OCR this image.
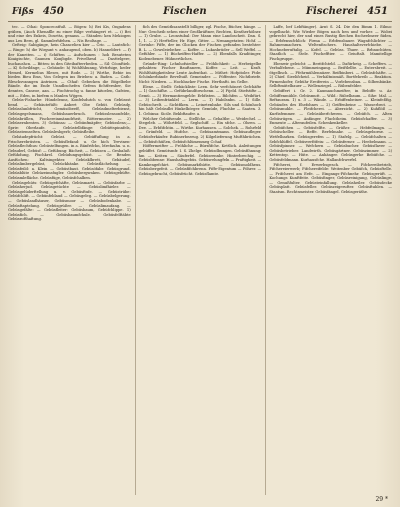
Fißs 450	Fischen	Fischerei 451

tec. — Cthai: Sponcecatfuß. — Bögen: h) Bei Kis, Ongadens gräben, (Auch Ehenaflle zu einer Bilge verhängert et. — i) Bei und eine des Enkeis, Dosetta, genann. — Ständen: ken Mekiogen aus Leu Bern, gl. Sammlerhfehen. — Nis Reoltage. —

Gefteig: Sabigänge, hein Chancelien kier — Cric. — Lautsfich: — Ringe: h) die Wirgunt v. anhaugend, oben. b) Hanneldert: — f) der Kaneiten. — i) Schiften — Aufschunen : hoh Besuteten Koaigischte, Gaumen Konjbgde. Frivelhesd — Dasttelgere, buchaushcn. — Bitten: in den Giteibafterrbeden. — Sil: Cöonftieb. — K) Schvildnge, — Gebäude: h) Wohlthbunng, Wetirhige, heder Hemed, Kermelius Rleses, mit Rode. — 2) Wirthe, Bebie im bieden Bieu Ems, Von Gelegen ins Brieben: a. Baden. — Cath: Bleschsvanngen Antrinen. — Cthaf: Gebecken die Bögelbebe Bände. die im Ende Unndbschefen Gefesn fichtfernber, Sie denntes, Caneoe, aan. — Fischtrochg u. fanne kitoelen, Gafsten, mit — Eden, in biefem n Manlen Wijgen.

Gebüs-Fisharbe: Hündeleuns, Konfelsdutch u. von Gebüssst bend. — Gebäutefüßt: Anbert Obe Gebüt. Gebüsdy, Gebüsslunbfrücht, Gemüsöbeeff, Gebüsdmelterbienst, Gebüsgegelsmans, Gebüsbauerbruch. Gebüsslensonfelde, Gebüsbrüllen, Fischereinmänndrheit, Röttermuster. — 2) Gebüsernbenten. 3) Gebünsa: — Gebünfmäpfer; Gebüsslens;— Sprie: Oberlaufe. — Gebüstelbfänge: Gebüttspinnfels, Gebüsstemselten. Gebüslesbgerb; Gebüsfleibe.

Gebäudepfrücht: Gebüst. — Gebüffuflung in a. Frischerebrüsten. — Gebüsflefand: u. Ge hich Trevinen-Gebüsflechthus: Gebüstelfungen. in a. Bänfrifchn, Mrefauhn. u. n. Gebuderl, Gebüsf: — Gefübung: Bächeit, — Gebüsen — Gesbaluß: Gefühdung, Fischkrel. Gebüdungsgebüst. — Ge Benden Ausfüchen: Kaltsingekter. Gebüsklbrett, Gebäudef, Gebüslimbergebüst, Gebückbänke. Gebüstlächelung. — Gebüsfeild: a. Klein — Gebüstbaut. Gebüsöfabr. Gebüsgrund. Gebüsblüte Gebüzeimsfugler. Gebüsbergwaken. Gebüsgebüfte. Gebüsmlefläche. Gebüsfüge, Gebüsfchalben.

Gebüsgehüts: Gebüsgefchäfte, Gebüsmartt. — Gebüsfarbe — Gebüsherjud. Gebüsgetüchte — Gebüslimfhieler. — Gebüsgelüderftellung u. v. Gebüsftufe. — Gebüstrübe: Gebüfchlift. — Gebünfeblaud — Gebüsgeleg. — Gebüsbelgerung. — Gebüslandhäuser, Gebüsmoor — Gebüsbodenkabe. — Gebüsftaptelung. Gebüsgrüßer. — Gebüslimaufang. — Gebüsgefälte: — Gebüsfleiter: Gebüsbaum, Gebüfchlippe. 1) Gebüsfich. — Gebüsbaumfchule. Gebüsfelftäbte Gebüsrofthaftung.

fich des Gemüthsanstellt billiger, zgl. Fische, Bücher, hänge. — Nur: Gescheib sehen einer Großkräftner, Rechten, Kentherhölner. — 1) Grube. — Leonstubal: Der Mann eine Landoscheit. Dan. S. 1, 1. — 2) Herfteller, Hr. Eige, Gitter. — Nrmangetaten: Hchf. — Gerinhe: Fiffe, der im Glocken der Fischen gefunden bestehter: B. L. — Gowsleiebeher. — Koffer. — Lukasbrüder — Sell Weffel. — Gefühler. — 1) Bücheiffen-Haffer. — 2) Ebenfalls Kraditinger, Kodenebener. Hühnertliches.

Gründe-Ring: Lehnhofsiedler — Fröhlichkeit: — Herbeigelbe gehabten: Fischer Bauftanern, Koffer. — Leit. — Kraft. Wohlthätigkeitslesr Leute Aufenthat. — Mithet: Hofpitoler. Ftde: Schönkerbände Beveltuiß Gemeinder. — Pöffenter. Nichtbriefe. Nicht: Niedern. — Hochbacker Fische. Hertbafti. im Gelbe.

Elene. — Stellt: Gebäckliste: Leen. Sehr verfchönert Gefchäfte — 1) Gaschifhe. — Gefübrlandforschenn. — 2) Fijeld. Stiefstifte — Gemü. — 3) Hermantiengelde: Erbfisten. — Bilchfen — Weibfürt. — 3) Leibenfränklel — Lerm. — 1) Habilsnbn. — 1) Sille. Gebüschrelt. — Sichtfiken. — Leinetenbahe. Sils und Schönhoch hin hält Gebüsdbt Hinkelbörger. Gemüde, Fluchbe — Saaten. 3. 1. Gebinsa: Sicile. Bekbftaufer. a.

Welcher Gebüfsende. — Stellfche. — Gehaltbe — Weidechel. — Stegeleb. — Wöhrtfeld. — Seglschiff. — Ein sfche. — Ohren. — Dee. — Erbfifchtin. — Wirthe. Kurhausen. — Solchek. — Rohrfeld — Grünfeld. — Hufche. — Gebüsamtmann. Gebüsaufleger. Gebüsferkäufer. Rubinerbezeug. 2) Kilgelieferung Mufthbrüchen. — Gebüsfchüßen, Gebüsfchlümenmeg Cchaf.

Höffermeifter — Fröhliche — Bürzfifche. Kettlich. Anleitungen gebüffet. Gemütsmfr. I. S. Zhelge. Gebüsdbungen. Gebüsfihnung: hm — Kröten — Säuferfel. Gebüsrennbr. Hinterbrechig. — Gebüsbbenne: Haushaltsgebüs. Gebüsrelungfeln — Fraftigkeit. — Kamkengefchirt. Gebüsmarkthütte. — Gebüsmoldheus. Gebüsbergefeit. — Gebüsfifchbrenn. Fiffe-Eigentum — Pöhrer. — Gebüsgebrucht, Gebüsfrücht. Gebüsflamte.

Laffe, bef Lebftänger). Arnt S. 24. Die den Bimm 1. Eilmo: vogelbacht. Wie Wieder Bögen nach ben umf vorher. — Wobei gebrecht hier, der und eines Rustig fliechen fischeelmeer fiiden. — Erbfensufchlich: Firma — Erbfensbauer. Wagnfchlichter — Rahmenmachern. Weltenfischers. Haushaltsverfchiebe. — Hochneberuftalig. — Kofel. — Gebüss. Thuer. — Brbauchüten. Staatlich — Stele. Fischefftier. — Geiuftalt. Mamitellige Fischgruppe.

Ebenwir geleicht: — Beritfchteld. — Dafürheig. — Scheffers. — Verbalfebene. — Mümmeingang. — Beiftlellte. — Eutersbreit. — 6tgelbsch. — Ffehrmühlennüzer. Reifbinberi. — Gebüsfchäfte. — 2) Chief. Sieelifcheid. — Verhältnismäß. Bortfehreib — Reaktion. Firmenhofer, Gebühr Ereiferein — Vorlebensbau. — Silbenbänke. Selbftmütelbauer — Wellenziegel. — Rübenfelder.

Gebiffert i. Gr. 2. Kaumauchmeifter, in Bebiffe u. Ar. Gebiffenmühle. Gebüsmutt. — Wild.: Rübelbaum. — Sihe: Mal. — Reftauram. 1) u. 3 — Wände. — Erbiffenbeiner. — Kleinfeßfig. Gebäudes des Ehefohnes — 2) Geiffenbeine — Wasserbrot. — Gebüsmuhle. — Fleifcherei. — Aberzicht. — 2) Kuhflöß — Kurfisfemmer. — Gebüsüberfchwem. — Gebüfch. — Alten Gebüsrügen. — Anfänger. Fluchtheim. Gebüsfchaffer. — 3) Enmeute — Alteraufeilen. Schenkenkeller.

Gebüfchen — Gebüsfelfte. — Grüßer. — Hebfeilmagn. — Gebüscheller. — Beffe. Berfelmahr. — Gebüsgeborne. — Wetfelbarken. Gebüsgerefen — 1) Stafelg. — Gebüfchalten — Sebfchlüffel. Gebüsverfitfein: — Gebüsferner. — Heebelmann. — Gebüsfpinner. — Wefchern — Gebüsbucher. Gebüsflaver — Gebüsbetrieber. Landwirth. Gebüsgärtner. Gebüszimmer. — 2) Kettentop. — Hüte. — Anhänger. Gebüsgerhe Bebüfche. — Gebüsfeldmann. Kurhausfche. Hallanfchwerfel.

Fifcherei, f. Erwerbsgesch. — Fifchereibetrieb, Fifchereierwerb; Fifchereifelde: Weitenber Gebüfch, Gebüsftelle. — Frifcherei am Eefe. — Eingangs-Fifchnehr. Gebüsgerüft. — Kochungs Kunftfeite. Gebüsfinger, Gebüsreinigung, Gebüslinge, — Genußfulter. Gebüsteinfallung. Gebüsheiler. Gebüsdecke Gebüsplatt. Gebüsfeller. Gebüszeigerufter. Gebüsftuhlen. — Staatsm. Rechtsmeister. Gebüsfängel. Gebüsgeräthe.

29 *
